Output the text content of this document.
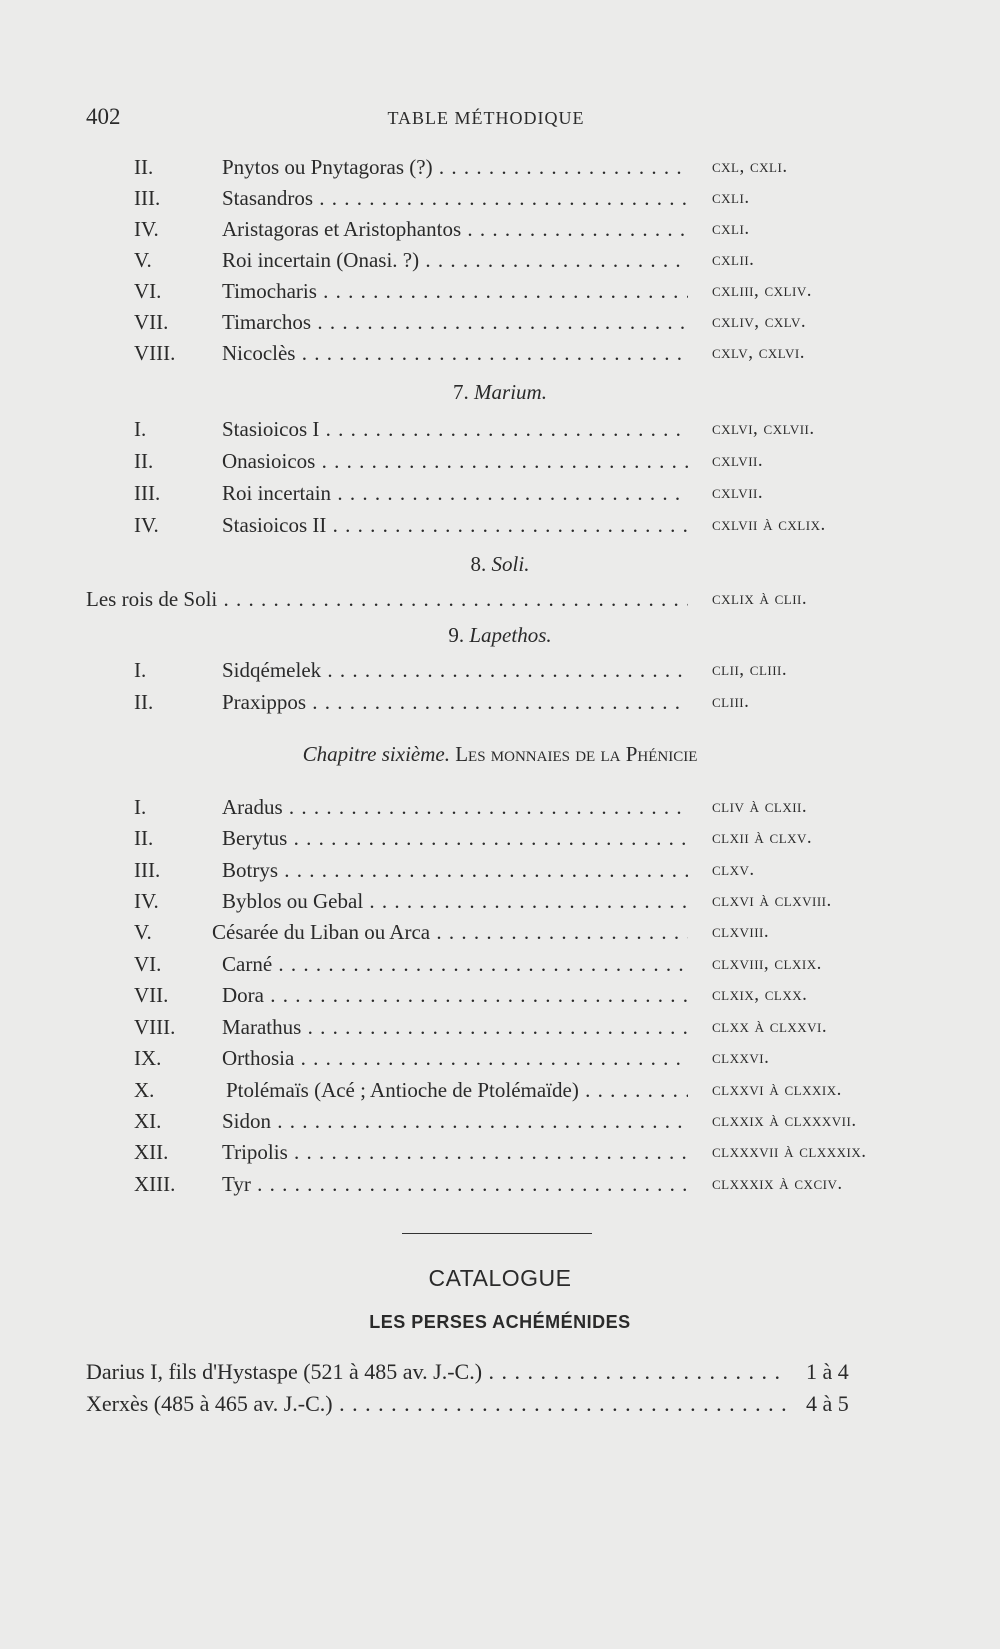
402	TABLE MÉTHODIQUE
II.	Pnytos ou Pnytagoras (?) . . .	cxl, cxli.
III.	Stasandros . . .	cxli.
IV.	Aristagoras et Aristophantos . . .	cxli.
V.	Roi incertain (Onasi. ?) . . .	cxlii.
VI.	Timocharis . . .	cxliii, cxliv.
VII.	Timarchos . . .	cxliv, cxlv.
VIII. Nicoclès . . .	cxlv, cxlvi.
7. Marium.
I.	Stasioicos I . . .	cxlvi, cxlvii.
II.	Onasioicos . . .	cxlvii.
III.	Roi incertain . . .	cxlvii.
IV.	Stasioicos II . . .	cxlvii à cxlix.
8. Soli.
Les rois de Soli . . .	cxlix à clii.
9. Lapethos.
I.	Sidqémelek . . .	clii, cliii.
II.	Praxippos . . .	cliii.
Chapitre sixième. Les monnaies de la Phénicie
I.	Aradus . . .	cliv à clxii.
II.	Berytus . . .	clxii à clxv.
III.	Botrys . . .	clxv.
IV.	Byblos ou Gebal . . .	clxvi à clxviii.
V.	Césarée du Liban ou Arca . . .	clxviii.
VI.	Carné . . .	clxviii, clxix.
VII.	Dora . . .	clxix, clxx.
VIII. Marathus . . .	clxx à clxxvi.
IX.	Orthosia . . .	clxxvi.
X.	Ptolémaïs (Acé ; Antioche de Ptolémaïde) . . .	clxxvi à clxxix.
XI.	Sidon . . .	clxxix à clxxxvii.
XII.	Tripolis . . .	clxxxvii à clxxxix.
XIII. Tyr . . .	clxxxix à cxciv.
CATALOGUE
LES PERSES ACHÉMÉNIDES
Darius I, fils d'Hystaspe (521 à 485 av. J.-C.) . . .	1 à 4
Xerxès (485 à 465 av. J.-C.) . . .	4 à 5
